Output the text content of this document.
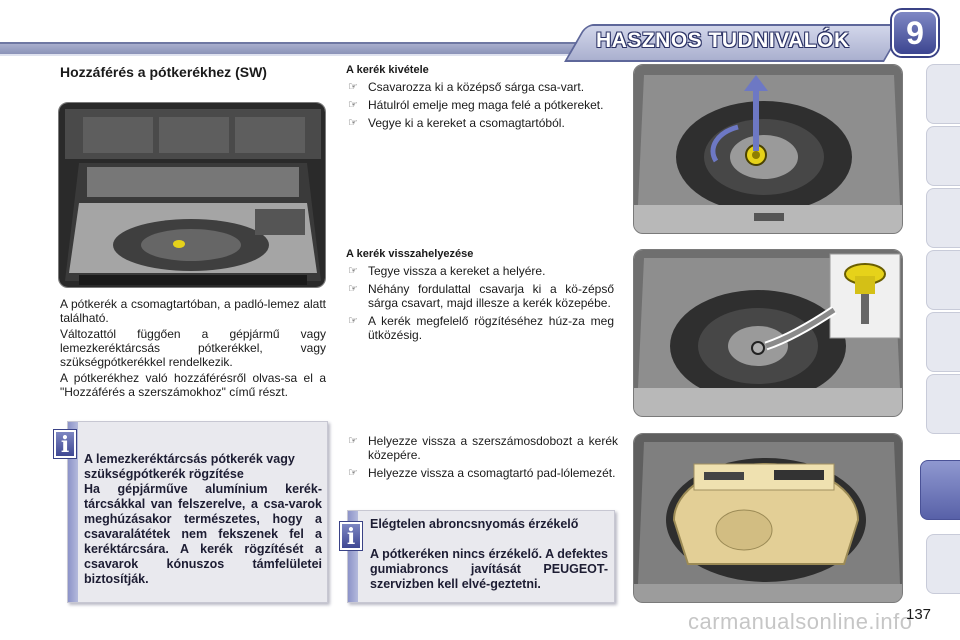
HASZNOS TUDNIVALÓK	9
Hozzáférés a pótkerékhez (SW)
A pótkerék a csomagtartóban, a padló-lemez alatt található.
Változattól függően a gépjármű vagy lemezkeréktárcsás pótkerékkel, vagy szükségpótkerékkel rendelkezik.
A pótkerékhez való hozzáférésről olvas-sa el a "Hozzáférés a szerszámokhoz" című részt.
A lemezkeréktárcsás pótkerék vagy szükségpótkerék rögzítése
Ha gépjárműve alumínium kerék-tárcsákkal van felszerelve, a csa-varok meghúzásakor természetes, hogy a csavaralátétek nem fekszenek fel a keréktárcsára. A kerék rögzítését a csavarok kónuszos támfelületei biztosítják.
i
A kerék kivétele
☞ Csavarozza ki a középső sárga csa-vart.
☞ Hátulról emelje meg maga felé a pótkereket.
☞ Vegye ki a kereket a csomagtartóból.
A kerék visszahelyezése
☞ Tegye vissza a kereket a helyére.
☞ Néhány fordulattal csavarja ki a kö-zépső sárga csavart, majd illesze a kerék közepébe.
☞ A kerék megfelelő rögzítéséhez húz-za meg ütközésig.
☞ Helyezze vissza a szerszámosdobozt a kerék közepére.
☞ Helyezze vissza a csomagtartó pad-lólemezét.
Elégtelen abroncsnyomás érzékelő
A pótkeréken nincs érzékelő. A defektes gumiabroncs javítását PEUGEOT-szervizben kell elvé-geztetni.
i
carmanualsonline.info
137
